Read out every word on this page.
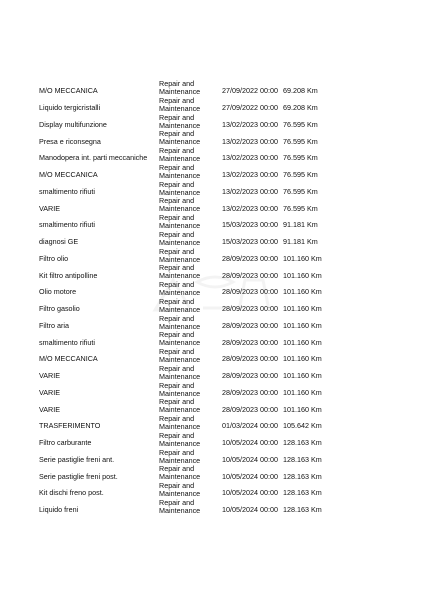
M/O MECCANICA
Repair and
Maintenance	27/09/2022 00:00 69.208 Km
Liquido tergicristalli
Repair and
Maintenance	27/09/2022 00:00 69.208 Km
Display multifunzione
Repair and
Maintenance	13/02/2023 00:00 76.595 Km
Presa e riconsegna
Repair and
Maintenance	13/02/2023 00:00 76.595 Km
Manodopera int. parti meccaniche
Repair and
Maintenance	13/02/2023 00:00 76.595 Km
M/O MECCANICA
Repair and
Maintenance	13/02/2023 00:00 76.595 Km
smaltimento rifiuti
Repair and
Maintenance	13/02/2023 00:00 76.595 Km
VARIE
Repair and
Maintenance	13/02/2023 00:00 76.595 Km
smaltimento rifiuti
Repair and
Maintenance	15/03/2023 00:00 91.181 Km
diagnosi GE
Repair and
Maintenance	15/03/2023 00:00 91.181 Km
Filtro olio
Repair and
Maintenance	28/09/2023 00:00 101.160 Km
Kit filtro antipolline
Repair and
Maintenance	28/09/2023 00:00 101.160 Km
Olio motore
Repair and
Maintenance	28/09/2023 00:00 101.160 Km
Filtro gasolio
Repair and
Maintenance	28/09/2023 00:00 101.160 Km
Filtro aria
Repair and
Maintenance	28/09/2023 00:00 101.160 Km
smaltimento rifiuti
Repair and
Maintenance	28/09/2023 00:00 101.160 Km
M/O MECCANICA
Repair and
Maintenance	28/09/2023 00:00 101.160 Km
VARIE
Repair and
Maintenance	28/09/2023 00:00 101.160 Km
VARIE
Repair and
Maintenance	28/09/2023 00:00 101.160 Km
VARIE
Repair and
Maintenance	28/09/2023 00:00 101.160 Km
TRASFERIMENTO
Repair and
Maintenance	01/03/2024 00:00 105.642 Km
Filtro carburante
Repair and
Maintenance	10/05/2024 00:00 128.163 Km
Serie pastiglie freni ant.
Repair and
Maintenance	10/05/2024 00:00 128.163 Km
Serie pastiglie freni post.
Repair and
Maintenance	10/05/2024 00:00 128.163 Km
Kit dischi freno post.
Repair and
Maintenance	10/05/2024 00:00 128.163 Km
Liquido freni
Repair and
Maintenance	10/05/2024 00:00 128.163 Km
